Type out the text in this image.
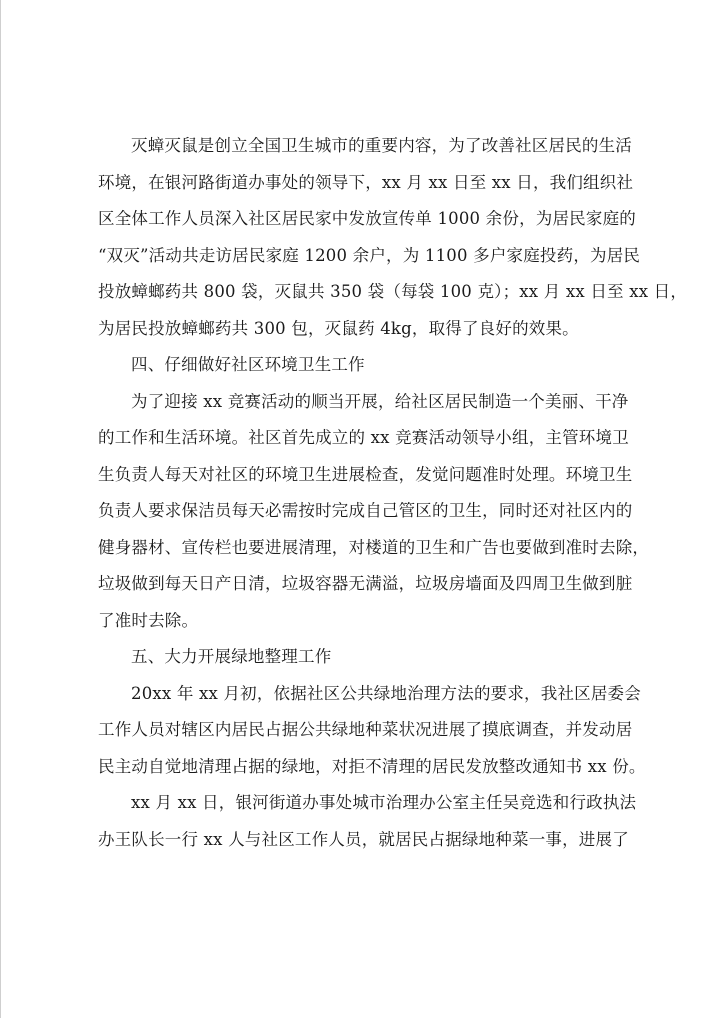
灭蟑灭鼠是创立全国卫生城市的重要内容，为了改善社区居民的生活
环境，在银河路街道办事处的领导下，xx 月 xx 日至 xx 日，我们组织社
区全体工作人员深入社区居民家中发放宣传单 1000 余份，为居民家庭的
“双灭”活动共走访居民家庭 1200 余户，为 1100 多户家庭投药，为居民
投放蟑螂药共 800 袋，灭鼠共 350 袋（每袋 100 克）；xx 月 xx 日至 xx 日，
为居民投放蟑螂药共 300 包，灭鼠药 4kg，取得了良好的效果。
四、仔细做好社区环境卫生工作
为了迎接 xx 竞赛活动的顺当开展，给社区居民制造一个美丽、干净
的工作和生活环境。社区首先成立的 xx 竞赛活动领导小组，主管环境卫
生负责人每天对社区的环境卫生进展检查，发觉问题准时处理。环境卫生
负责人要求保洁员每天必需按时完成自己管区的卫生，同时还对社区内的
健身器材、宣传栏也要进展清理，对楼道的卫生和广告也要做到准时去除，
垃圾做到每天日产日清，垃圾容器无满溢，垃圾房墙面及四周卫生做到脏
了准时去除。
五、大力开展绿地整理工作
20xx 年 xx 月初，依据社区公共绿地治理方法的要求，我社区居委会
工作人员对辖区内居民占据公共绿地种菜状况进展了摸底调查，并发动居
民主动自觉地清理占据的绿地，对拒不清理的居民发放整改通知书 xx 份。
xx 月 xx 日，银河街道办事处城市治理办公室主任吴竞选和行政执法
办王队长一行 xx 人与社区工作人员，就居民占据绿地种菜一事，进展了
